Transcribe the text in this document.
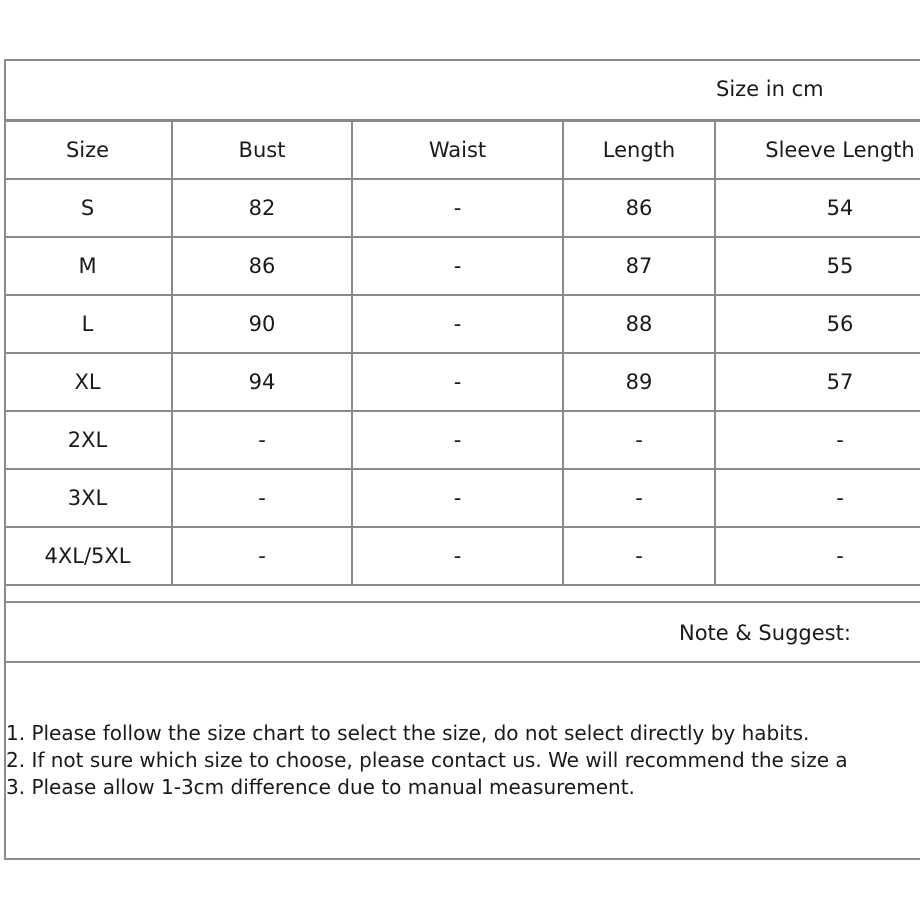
Size in cm
Size	Bust	Waist	Length	Sleeve Length
S	82	-	86	54
M	86	-	87	55
L	90	-	88	56
XL	94	-	89	57
2XL	-	-	-	-
3XL	-	-	-	-
4XL/5XL	-	-	-	-
Note & Suggest:
1. Please follow the size chart to select the size, do not select directly by habits.
2. If not sure which size to choose, please contact us. We will recommend the size a
3. Please allow 1-3cm difference due to manual measurement.
